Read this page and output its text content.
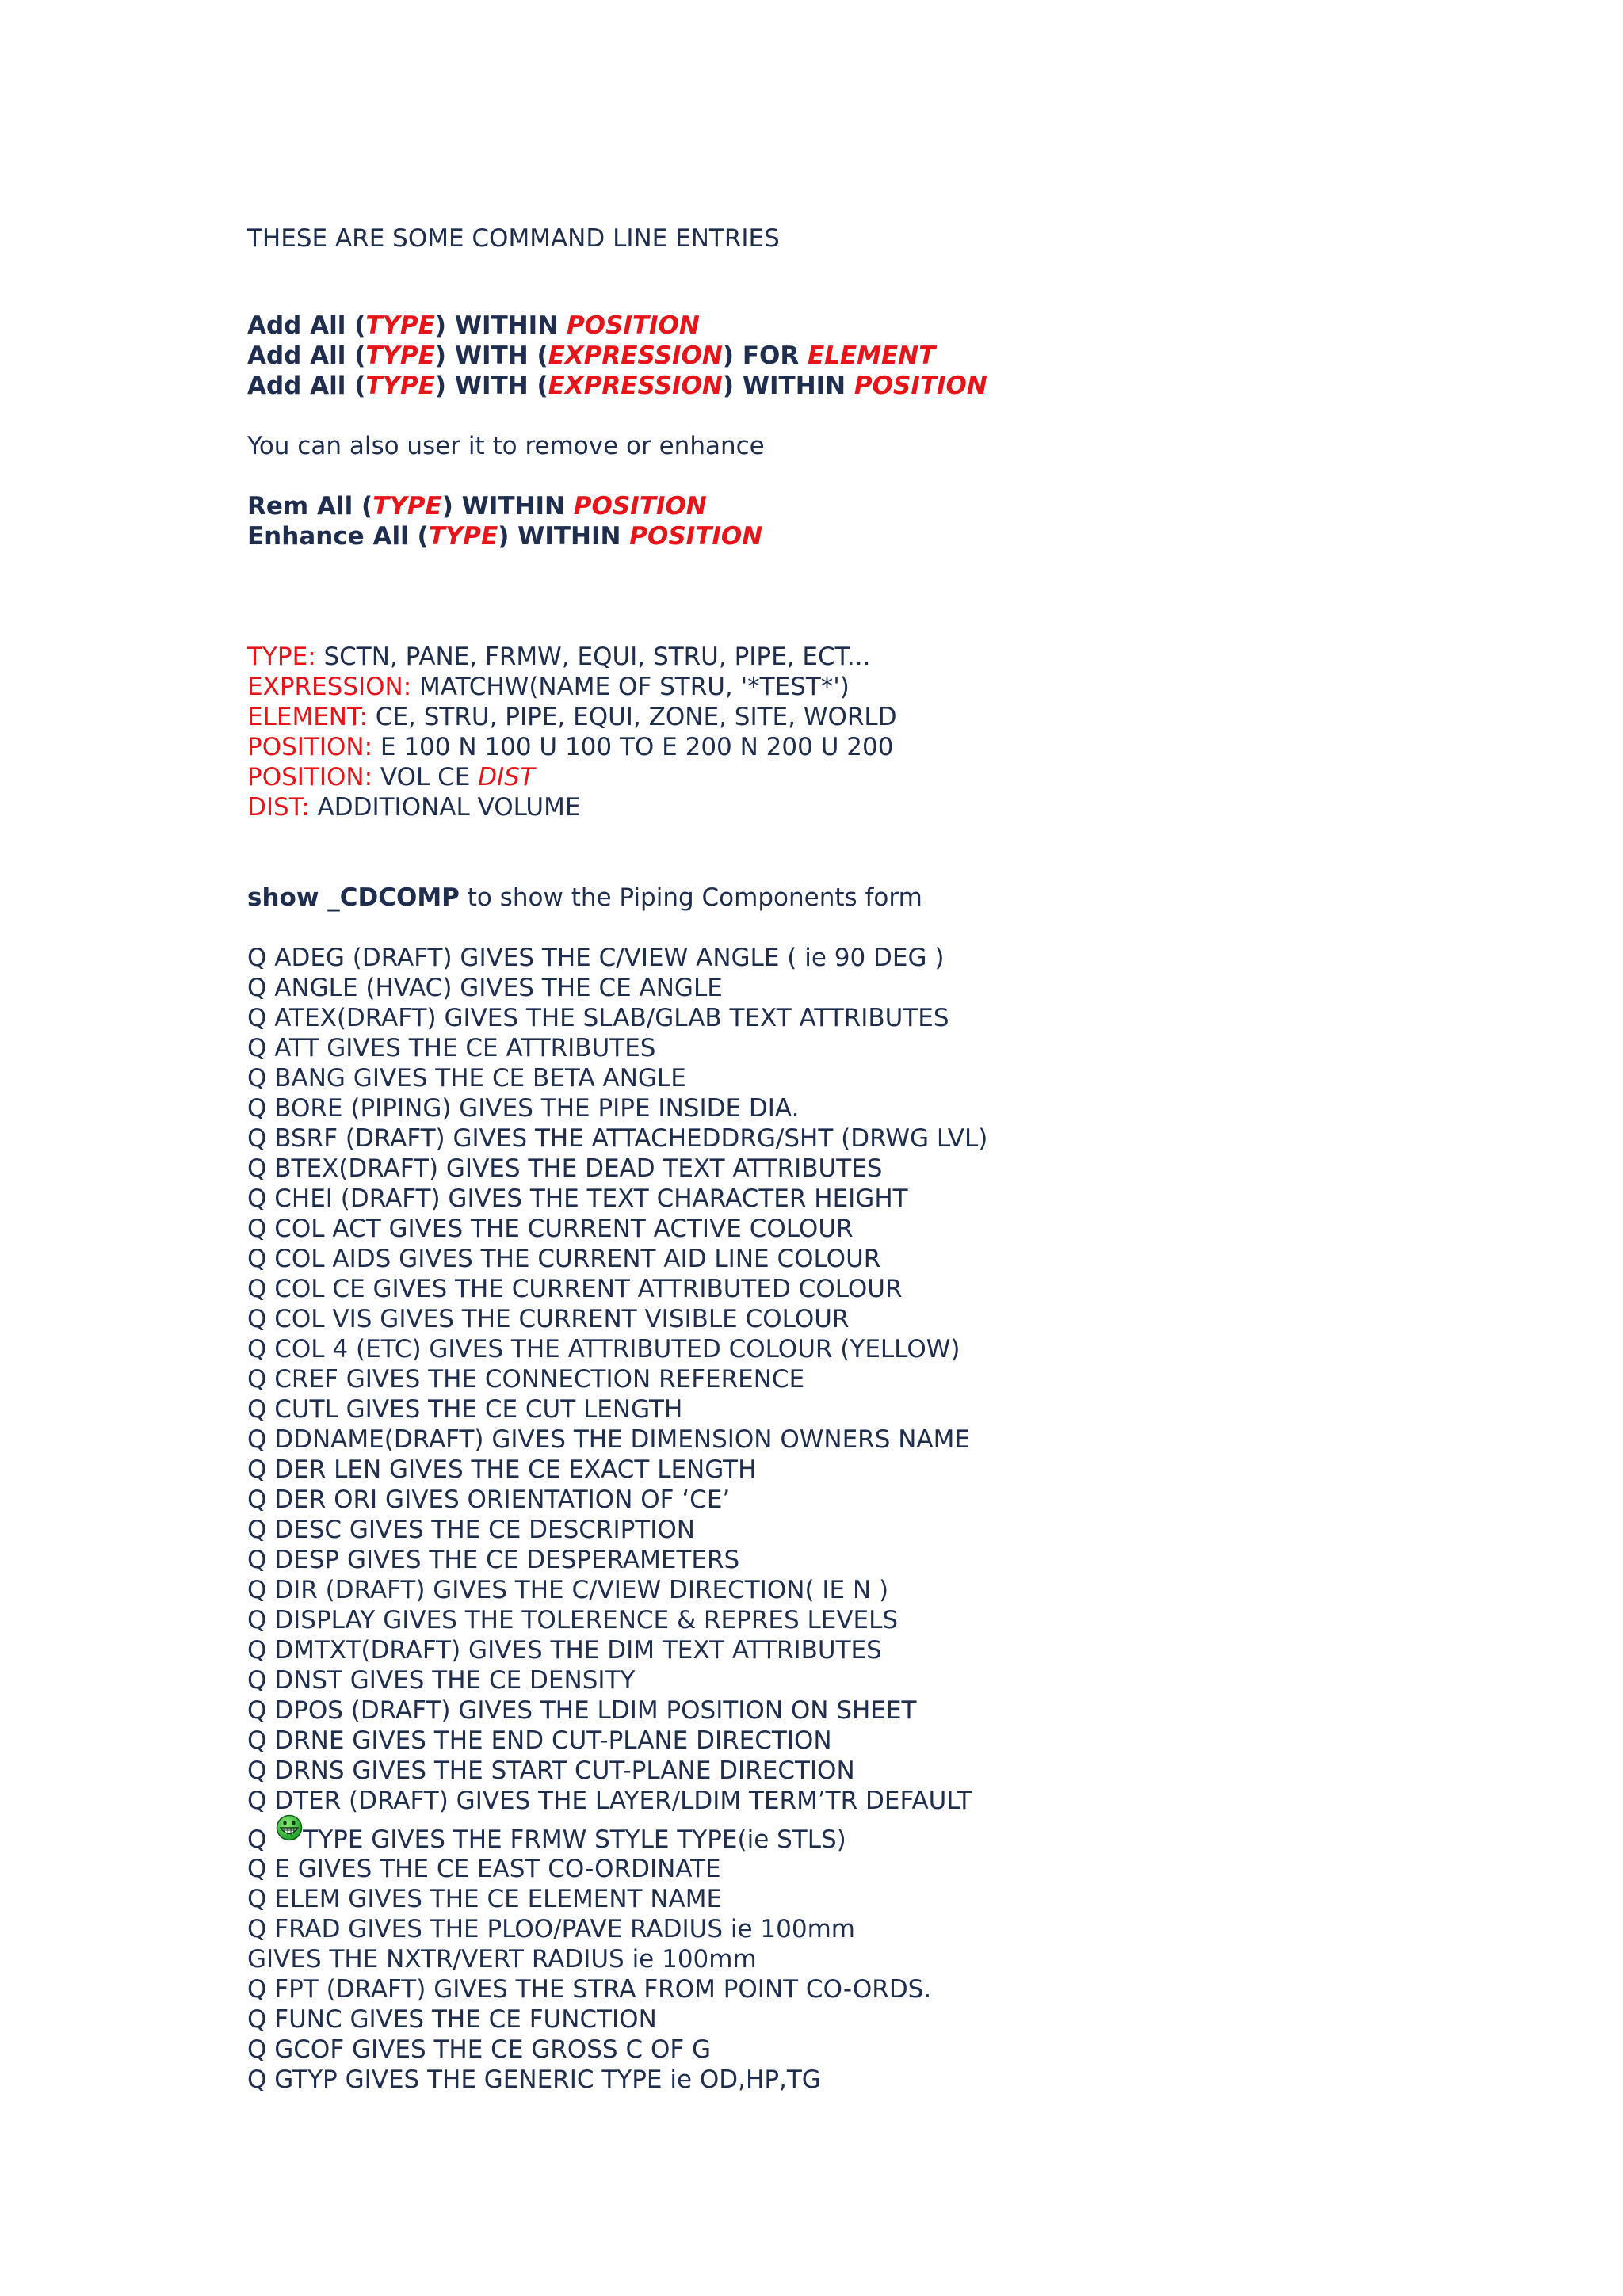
THESE ARE SOME COMMAND LINE ENTRIES
Add All (TYPE) WITHIN POSITION
Add All (TYPE) WITH (EXPRESSION) FOR ELEMENT
Add All (TYPE) WITH (EXPRESSION) WITHIN POSITION
You can also user it to remove or enhance
Rem All (TYPE) WITHIN POSITION
Enhance All (TYPE) WITHIN POSITION
TYPE: SCTN, PANE, FRMW, EQUI, STRU, PIPE, ECT...
EXPRESSION: MATCHW(NAME OF STRU, '*TEST*')
ELEMENT: CE, STRU, PIPE, EQUI, ZONE, SITE, WORLD
POSITION: E 100 N 100 U 100 TO E 200 N 200 U 200
POSITION: VOL CE DIST
DIST: ADDITIONAL VOLUME
show _CDCOMP to show the Piping Components form
Q ADEG (DRAFT) GIVES THE C/VIEW ANGLE ( ie 90 DEG )
Q ANGLE (HVAC) GIVES THE CE ANGLE
Q ATEX(DRAFT) GIVES THE SLAB/GLAB TEXT ATTRIBUTES
Q ATT GIVES THE CE ATTRIBUTES
Q BANG GIVES THE CE BETA ANGLE
Q BORE (PIPING) GIVES THE PIPE INSIDE DIA.
Q BSRF (DRAFT) GIVES THE ATTACHEDDRG/SHT (DRWG LVL)
Q BTEX(DRAFT) GIVES THE DEAD TEXT ATTRIBUTES
Q CHEI (DRAFT) GIVES THE TEXT CHARACTER HEIGHT
Q COL ACT GIVES THE CURRENT ACTIVE COLOUR
Q COL AIDS GIVES THE CURRENT AID LINE COLOUR
Q COL CE GIVES THE CURRENT ATTRIBUTED COLOUR
Q COL VIS GIVES THE CURRENT VISIBLE COLOUR
Q COL 4 (ETC) GIVES THE ATTRIBUTED COLOUR (YELLOW)
Q CREF GIVES THE CONNECTION REFERENCE
Q CUTL GIVES THE CE CUT LENGTH
Q DDNAME(DRAFT) GIVES THE DIMENSION OWNERS NAME
Q DER LEN GIVES THE CE EXACT LENGTH
Q DER ORI GIVES ORIENTATION OF ‘CE’
Q DESC GIVES THE CE DESCRIPTION
Q DESP GIVES THE CE DESPERAMETERS
Q DIR (DRAFT) GIVES THE C/VIEW DIRECTION( IE N )
Q DISPLAY GIVES THE TOLERENCE & REPRES LEVELS
Q DMTXT(DRAFT) GIVES THE DIM TEXT ATTRIBUTES
Q DNST GIVES THE CE DENSITY
Q DPOS (DRAFT) GIVES THE LDIM POSITION ON SHEET
Q DRNE GIVES THE END CUT-PLANE DIRECTION
Q DRNS GIVES THE START CUT-PLANE DIRECTION
Q DTER (DRAFT) GIVES THE LAYER/LDIM TERM’TR DEFAULT
Q TYPE GIVES THE FRMW STYLE TYPE(ie STLS)
Q E GIVES THE CE EAST CO-ORDINATE
Q ELEM GIVES THE CE ELEMENT NAME
Q FRAD GIVES THE PLOO/PAVE RADIUS ie 100mm
GIVES THE NXTR/VERT RADIUS ie 100mm
Q FPT (DRAFT) GIVES THE STRA FROM POINT CO-ORDS.
Q FUNC GIVES THE CE FUNCTION
Q GCOF GIVES THE CE GROSS C OF G
Q GTYP GIVES THE GENERIC TYPE ie OD,HP,TG
